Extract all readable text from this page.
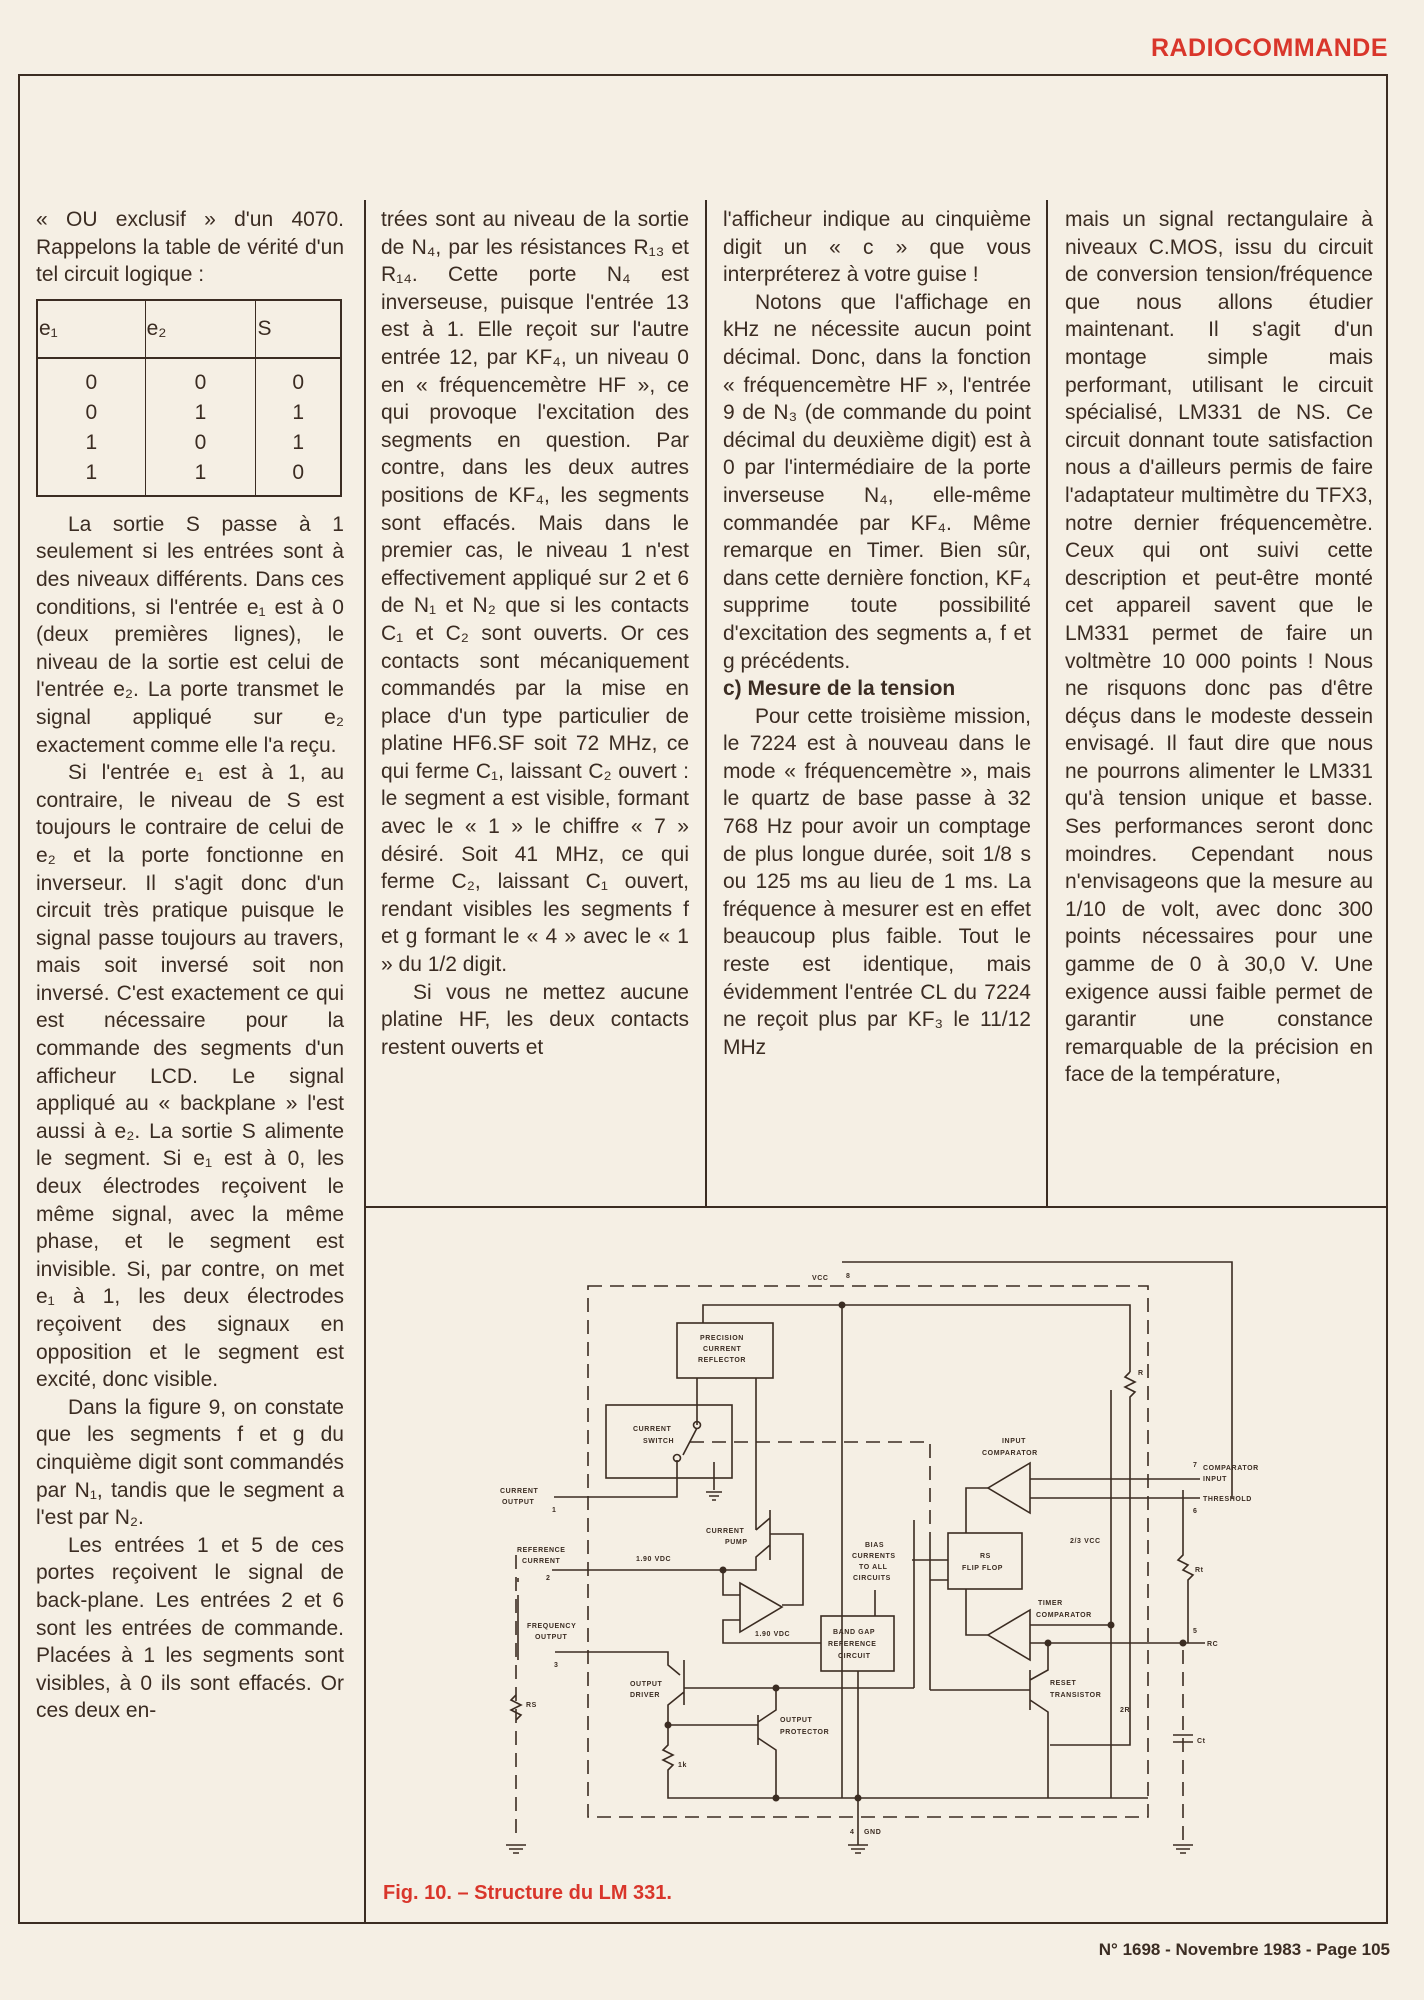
RADIOCOMMANDE

« OU exclusif » d'un 4070. Rappelons la table de vérité d'un tel circuit logique :

e₁	e₂	S
0	0	0
0	1	1
1	0	1
1	1	0

La sortie S passe à 1 seulement si les entrées sont à des niveaux différents. Dans ces conditions, si l'entrée e₁ est à 0 (deux premières lignes), le niveau de la sortie est celui de l'entrée e₂. La porte transmet le signal appliqué sur e₂ exactement comme elle l'a reçu.

Si l'entrée e₁ est à 1, au contraire, le niveau de S est toujours le contraire de celui de e₂ et la porte fonctionne en inverseur. Il s'agit donc d'un circuit très pratique puisque le signal passe toujours au travers, mais soit inversé soit non inversé. C'est exactement ce qui est nécessaire pour la commande des segments d'un afficheur LCD. Le signal appliqué au « backplane » l'est aussi à e₂. La sortie S alimente le segment. Si e₁ est à 0, les deux électrodes reçoivent le même signal, avec la même phase, et le segment est invisible. Si, par contre, on met e₁ à 1, les deux électrodes reçoivent des signaux en opposition et le segment est excité, donc visible.

Dans la figure 9, on constate que les segments f et g du cinquième digit sont commandés par N₁, tandis que le segment a l'est par N₂.

Les entrées 1 et 5 de ces portes reçoivent le signal de back-plane. Les entrées 2 et 6 sont les entrées de commande. Placées à 1 les segments sont visibles, à 0 ils sont effacés. Or ces deux en-

trées sont au niveau de la sortie de N₄, par les résistances R₁₃ et R₁₄. Cette porte N₄ est inverseuse, puisque l'entrée 13 est à 1. Elle reçoit sur l'autre entrée 12, par KF₄, un niveau 0 en « fréquencemètre HF », ce qui provoque l'excitation des segments en question. Par contre, dans les deux autres positions de KF₄, les segments sont effacés. Mais dans le premier cas, le niveau 1 n'est effectivement appliqué sur 2 et 6 de N₁ et N₂ que si les contacts C₁ et C₂ sont ouverts. Or ces contacts sont mécaniquement commandés par la mise en place d'un type particulier de platine HF6.SF soit 72 MHz, ce qui ferme C₁, laissant C₂ ouvert : le segment a est visible, formant avec le « 1 » le chiffre « 7 » désiré. Soit 41 MHz, ce qui ferme C₂, laissant C₁ ouvert, rendant visibles les segments f et g formant le « 4 » avec le « 1 » du 1/2 digit.

Si vous ne mettez aucune platine HF, les deux contacts restent ouverts et

l'afficheur indique au cinquième digit un « c » que vous interpréterez à votre guise !

Notons que l'affichage en kHz ne nécessite aucun point décimal. Donc, dans la fonction « fréquencemètre HF », l'entrée 9 de N₃ (de commande du point décimal du deuxième digit) est à 0 par l'intermédiaire de la porte inverseuse N₄, elle-même commandée par KF₄. Même remarque en Timer. Bien sûr, dans cette dernière fonction, KF₄ supprime toute possibilité d'excitation des segments a, f et g précédents.

c) Mesure de la tension

Pour cette troisième mission, le 7224 est à nouveau dans le mode « fréquencemètre », mais le quartz de base passe à 32 768 Hz pour avoir un comptage de plus longue durée, soit 1/8 s ou 125 ms au lieu de 1 ms. La fréquence à mesurer est en effet beaucoup plus faible. Tout le reste est identique, mais évidemment l'entrée CL du 7224 ne reçoit plus par KF₃ le 11/12 MHz

mais un signal rectangulaire à niveaux C.MOS, issu du circuit de conversion tension/fréquence que nous allons étudier maintenant. Il s'agit d'un montage simple mais performant, utilisant le circuit spécialisé, LM331 de NS. Ce circuit donnant toute satisfaction nous a d'ailleurs permis de faire l'adaptateur multimètre du TFX3, notre dernier fréquencemètre. Ceux qui ont suivi cette description et peut-être monté cet appareil savent que le LM331 permet de faire un voltmètre 10 000 points ! Nous ne risquons donc pas d'être déçus dans le modeste dessein envisagé. Il faut dire que nous ne pourrons alimenter le LM331 qu'à tension unique et basse. Ses performances seront donc moindres. Cependant nous n'envisageons que la mesure au 1/10 de volt, avec donc 300 points nécessaires pour une gamme de 0 à 30,0 V. Une exigence aussi faible permet de garantir une constance remarquable de la précision en face de la température,

VCC 8
PRECISION
CURRENT
REFLECTOR
CURRENT
SWITCH
CURRENT
OUTPUT
1
CURRENT
PUMP
REFERENCE
CURRENT
2
1.90 VDC
1.90 VDC
FREQUENCY
OUTPUT
3
RS
OUTPUT
DRIVER
OUTPUT
PROTECTOR
1k
BIAS
CURRENTS
TO ALL
CIRCUITS
BAND GAP
REFERENCE
CIRCUIT
INPUT
COMPARATOR
COMPARATOR
INPUT
7
THRESHOLD
6
2/3 VCC
RS
FLIP FLOP
TIMER
COMPARATOR
RC
5
RESET
TRANSISTOR
R
2R
Rt
Ct
4 GND
Fig. 10. – Structure du LM 331.
N° 1698 - Novembre 1983 - Page 105
